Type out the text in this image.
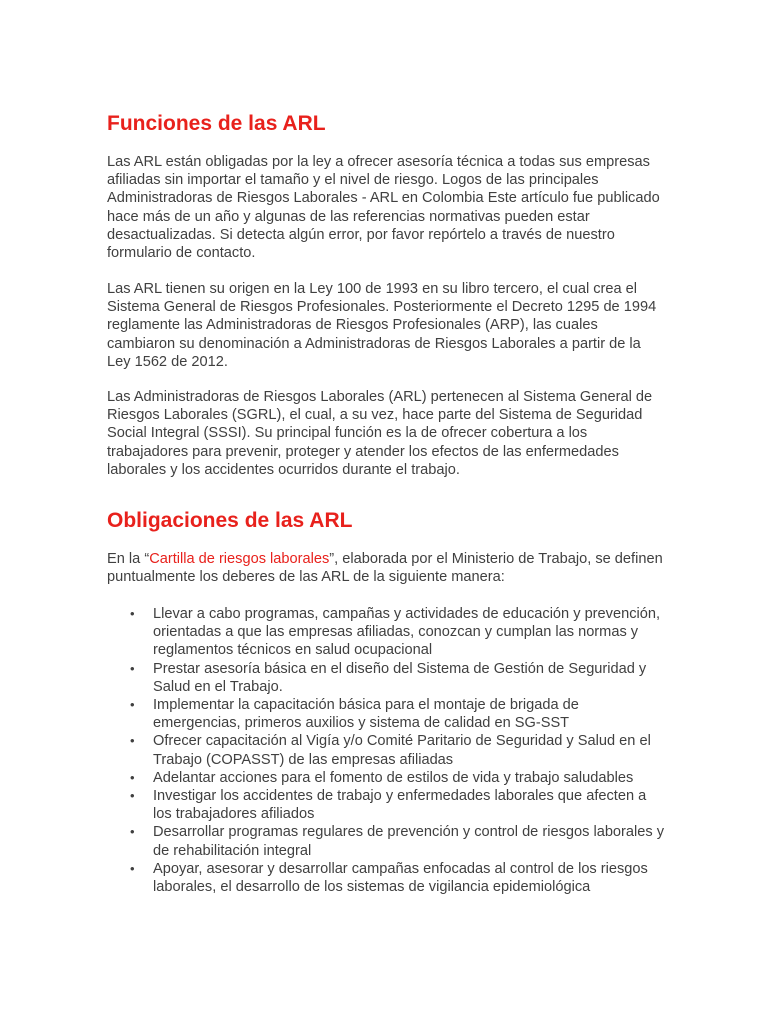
Funciones de las ARL

Las ARL están obligadas por la ley a ofrecer asesoría técnica a todas sus empresas afiliadas sin importar el tamaño y el nivel de riesgo. Logos de las principales Administradoras de Riesgos Laborales - ARL en Colombia Este artículo fue publicado hace más de un año y algunas de las referencias normativas pueden estar desactualizadas. Si detecta algún error, por favor repórtelo a través de nuestro formulario de contacto.

Las ARL tienen su origen en la Ley 100 de 1993 en su libro tercero, el cual crea el Sistema General de Riesgos Profesionales. Posteriormente el Decreto 1295 de 1994 reglamente las Administradoras de Riesgos Profesionales (ARP), las cuales cambiaron su denominación a Administradoras de Riesgos Laborales a partir de la Ley 1562 de 2012.

Las Administradoras de Riesgos Laborales (ARL) pertenecen al Sistema General de Riesgos Laborales (SGRL), el cual, a su vez, hace parte del Sistema de Seguridad Social Integral (SSSI). Su principal función es la de ofrecer cobertura a los trabajadores para prevenir, proteger y atender los efectos de las enfermedades laborales y los accidentes ocurridos durante el trabajo.

Obligaciones de las ARL

En la “Cartilla de riesgos laborales”, elaborada por el Ministerio de Trabajo, se definen puntualmente los deberes de las ARL de la siguiente manera:

• Llevar a cabo programas, campañas y actividades de educación y prevención, orientadas a que las empresas afiliadas, conozcan y cumplan las normas y reglamentos técnicos en salud ocupacional
• Prestar asesoría básica en el diseño del Sistema de Gestión de Seguridad y Salud en el Trabajo.
• Implementar la capacitación básica para el montaje de brigada de emergencias, primeros auxilios y sistema de calidad en SG-SST
• Ofrecer capacitación al Vigía y/o Comité Paritario de Seguridad y Salud en el Trabajo (COPASST) de las empresas afiliadas
• Adelantar acciones para el fomento de estilos de vida y trabajo saludables
• Investigar los accidentes de trabajo y enfermedades laborales que afecten a los trabajadores afiliados
• Desarrollar programas regulares de prevención y control de riesgos laborales y de rehabilitación integral
• Apoyar, asesorar y desarrollar campañas enfocadas al control de los riesgos laborales, el desarrollo de los sistemas de vigilancia epidemiológica
